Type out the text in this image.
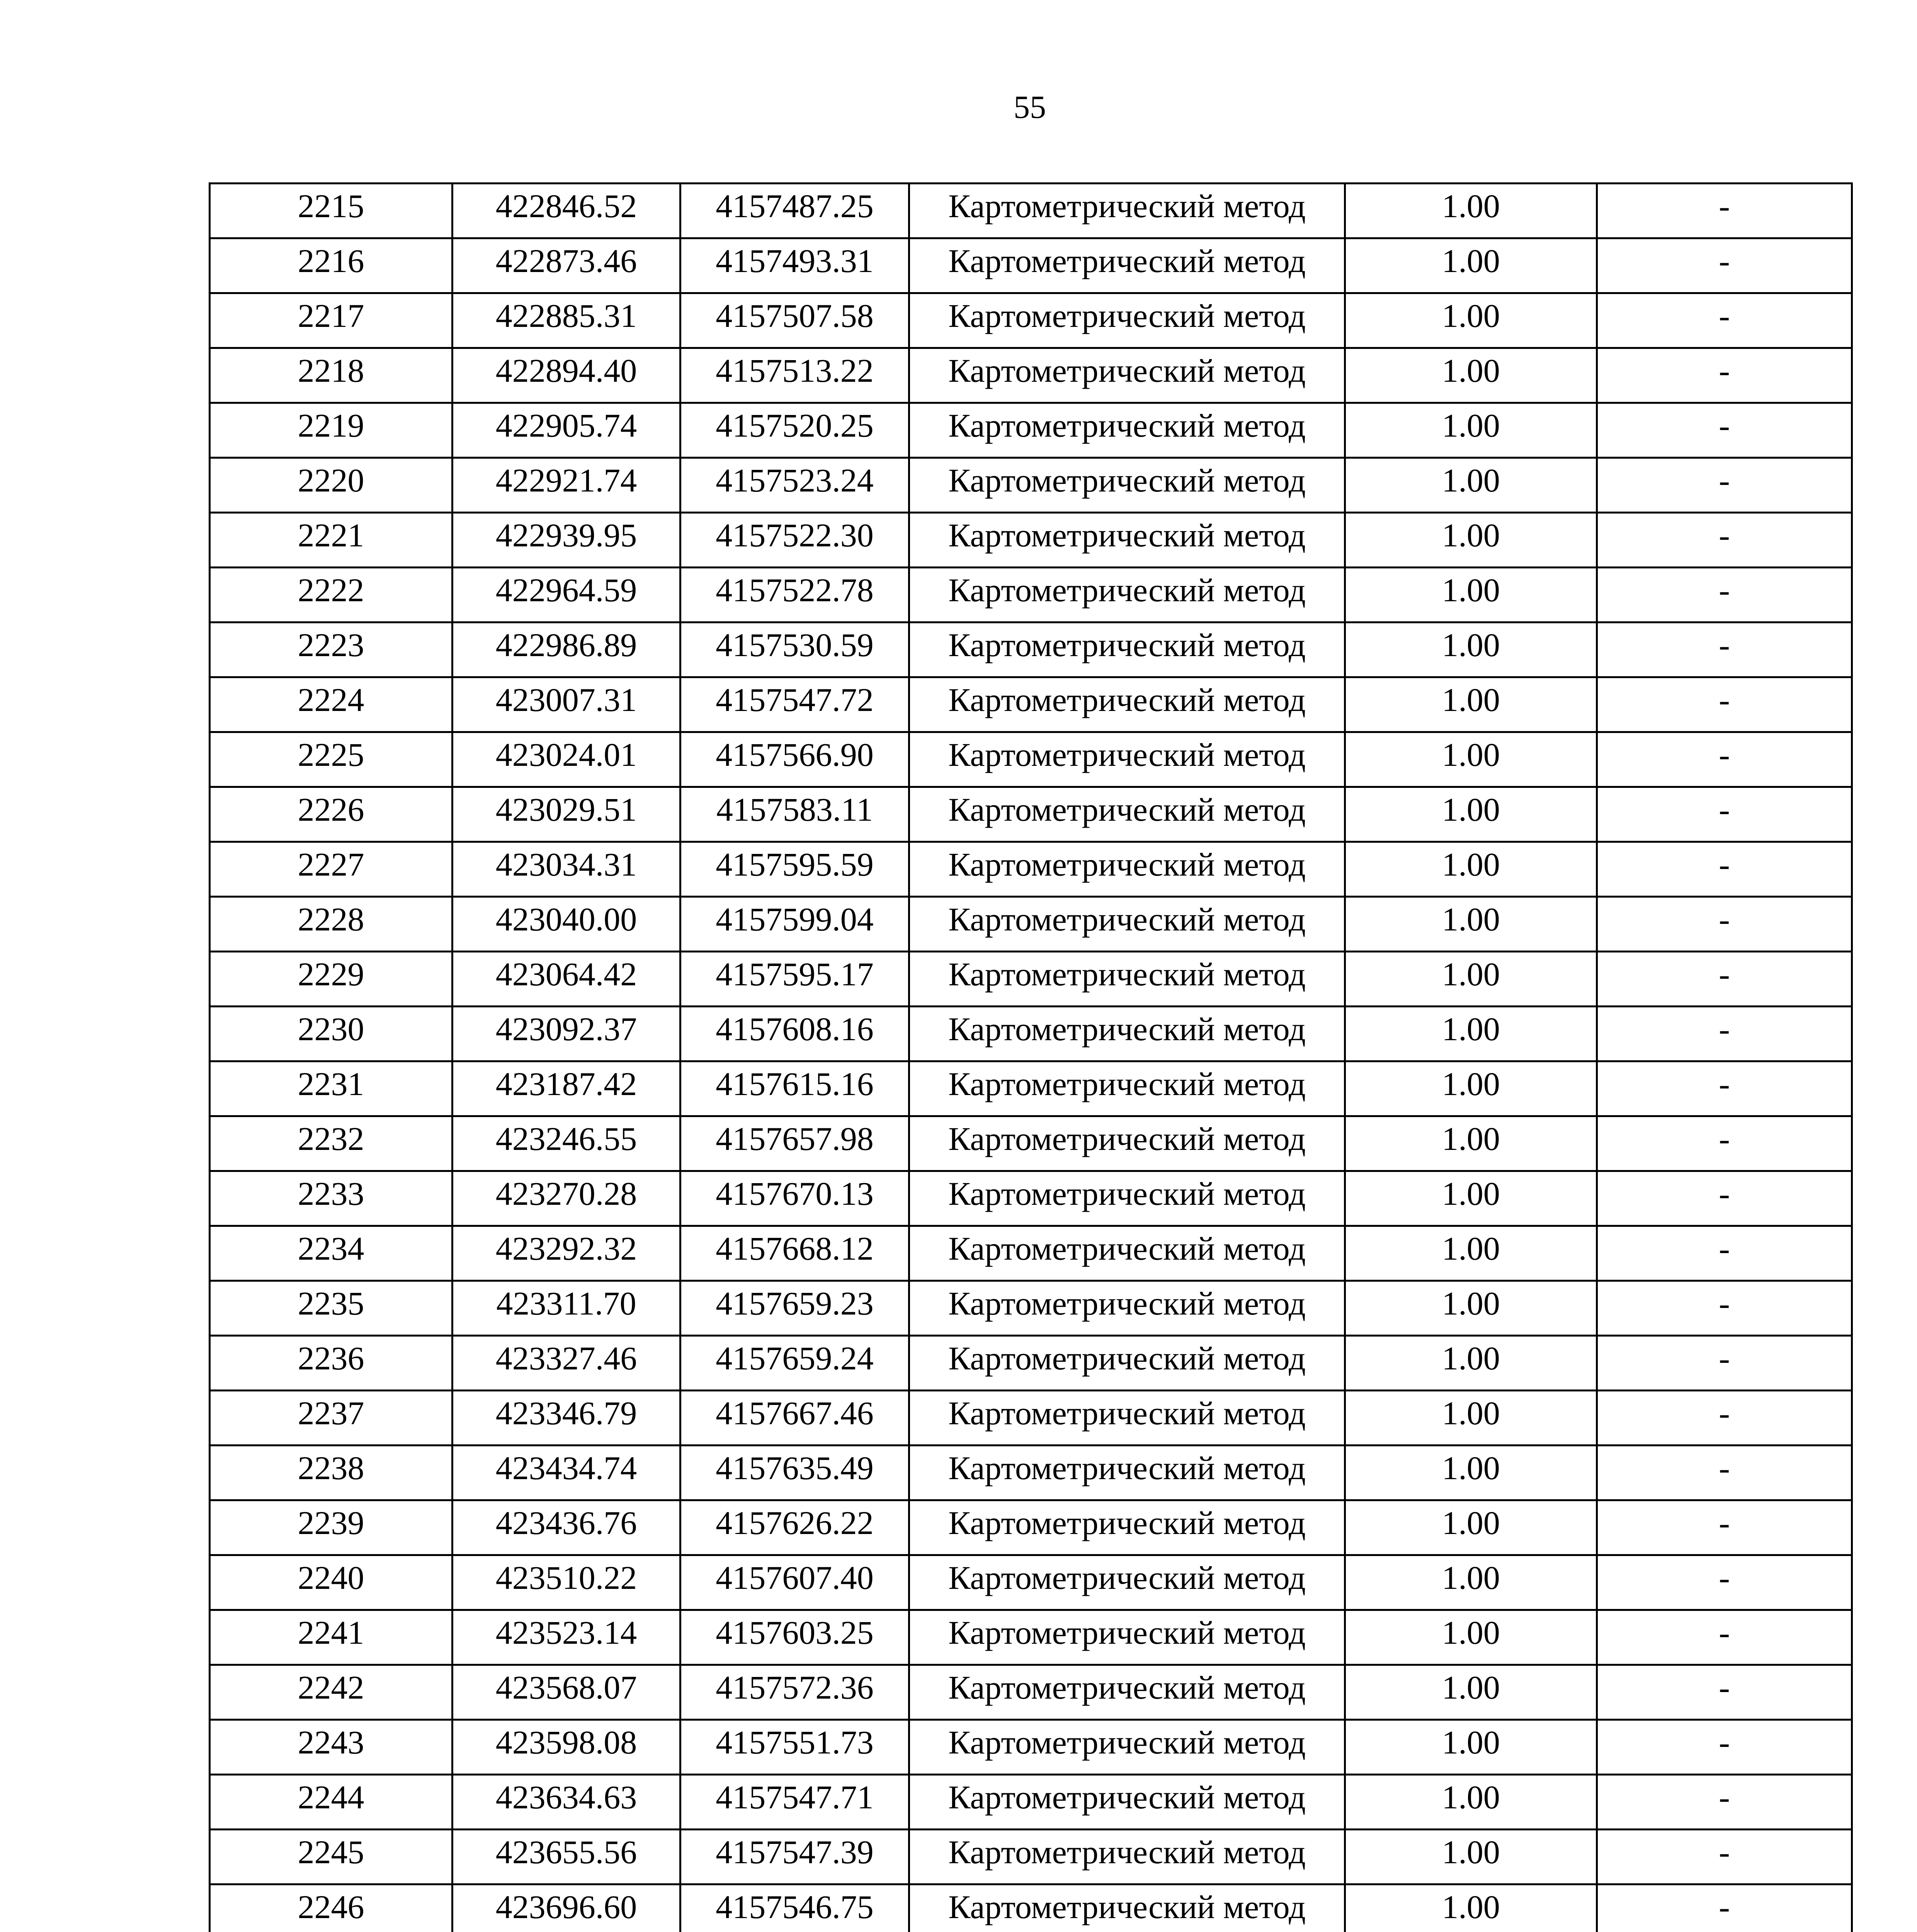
55
2215	422846.52	4157487.25	Картометрический метод	1.00	-
2216	422873.46	4157493.31	Картометрический метод	1.00	-
2217	422885.31	4157507.58	Картометрический метод	1.00	-
2218	422894.40	4157513.22	Картометрический метод	1.00	-
2219	422905.74	4157520.25	Картометрический метод	1.00	-
2220	422921.74	4157523.24	Картометрический метод	1.00	-
2221	422939.95	4157522.30	Картометрический метод	1.00	-
2222	422964.59	4157522.78	Картометрический метод	1.00	-
2223	422986.89	4157530.59	Картометрический метод	1.00	-
2224	423007.31	4157547.72	Картометрический метод	1.00	-
2225	423024.01	4157566.90	Картометрический метод	1.00	-
2226	423029.51	4157583.11	Картометрический метод	1.00	-
2227	423034.31	4157595.59	Картометрический метод	1.00	-
2228	423040.00	4157599.04	Картометрический метод	1.00	-
2229	423064.42	4157595.17	Картометрический метод	1.00	-
2230	423092.37	4157608.16	Картометрический метод	1.00	-
2231	423187.42	4157615.16	Картометрический метод	1.00	-
2232	423246.55	4157657.98	Картометрический метод	1.00	-
2233	423270.28	4157670.13	Картометрический метод	1.00	-
2234	423292.32	4157668.12	Картометрический метод	1.00	-
2235	423311.70	4157659.23	Картометрический метод	1.00	-
2236	423327.46	4157659.24	Картометрический метод	1.00	-
2237	423346.79	4157667.46	Картометрический метод	1.00	-
2238	423434.74	4157635.49	Картометрический метод	1.00	-
2239	423436.76	4157626.22	Картометрический метод	1.00	-
2240	423510.22	4157607.40	Картометрический метод	1.00	-
2241	423523.14	4157603.25	Картометрический метод	1.00	-
2242	423568.07	4157572.36	Картометрический метод	1.00	-
2243	423598.08	4157551.73	Картометрический метод	1.00	-
2244	423634.63	4157547.71	Картометрический метод	1.00	-
2245	423655.56	4157547.39	Картометрический метод	1.00	-
2246	423696.60	4157546.75	Картометрический метод	1.00	-
